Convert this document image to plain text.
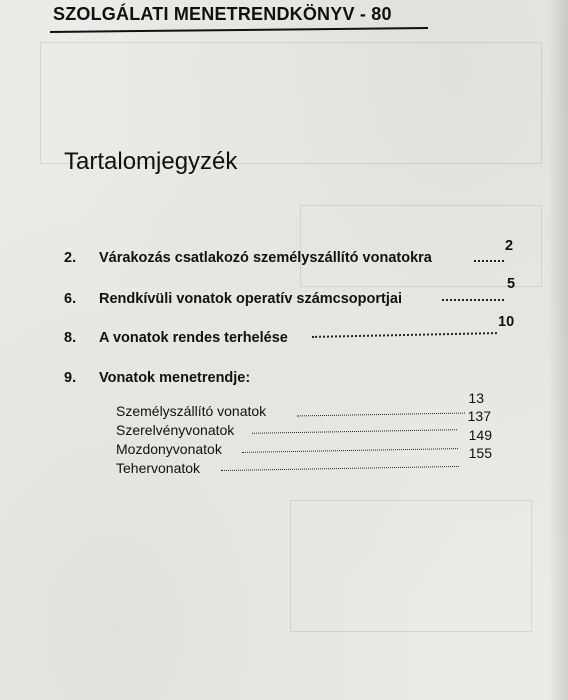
SZOLGÁLATI MENETRENDKÖNYV - 80
Tartalomjegyzék
2. Várakozás csatlakozó személyszállító vonatokra
2
6. Rendkívüli vonatok operatív számcsoportjai
5
8. A vonatok rendes terhelése
10
9. Vonatok menetrendje:
Személyszállító vonatok
13
Szerelvényvonatok
137
Mozdonyvonatok
149
Tehervonatok
155
